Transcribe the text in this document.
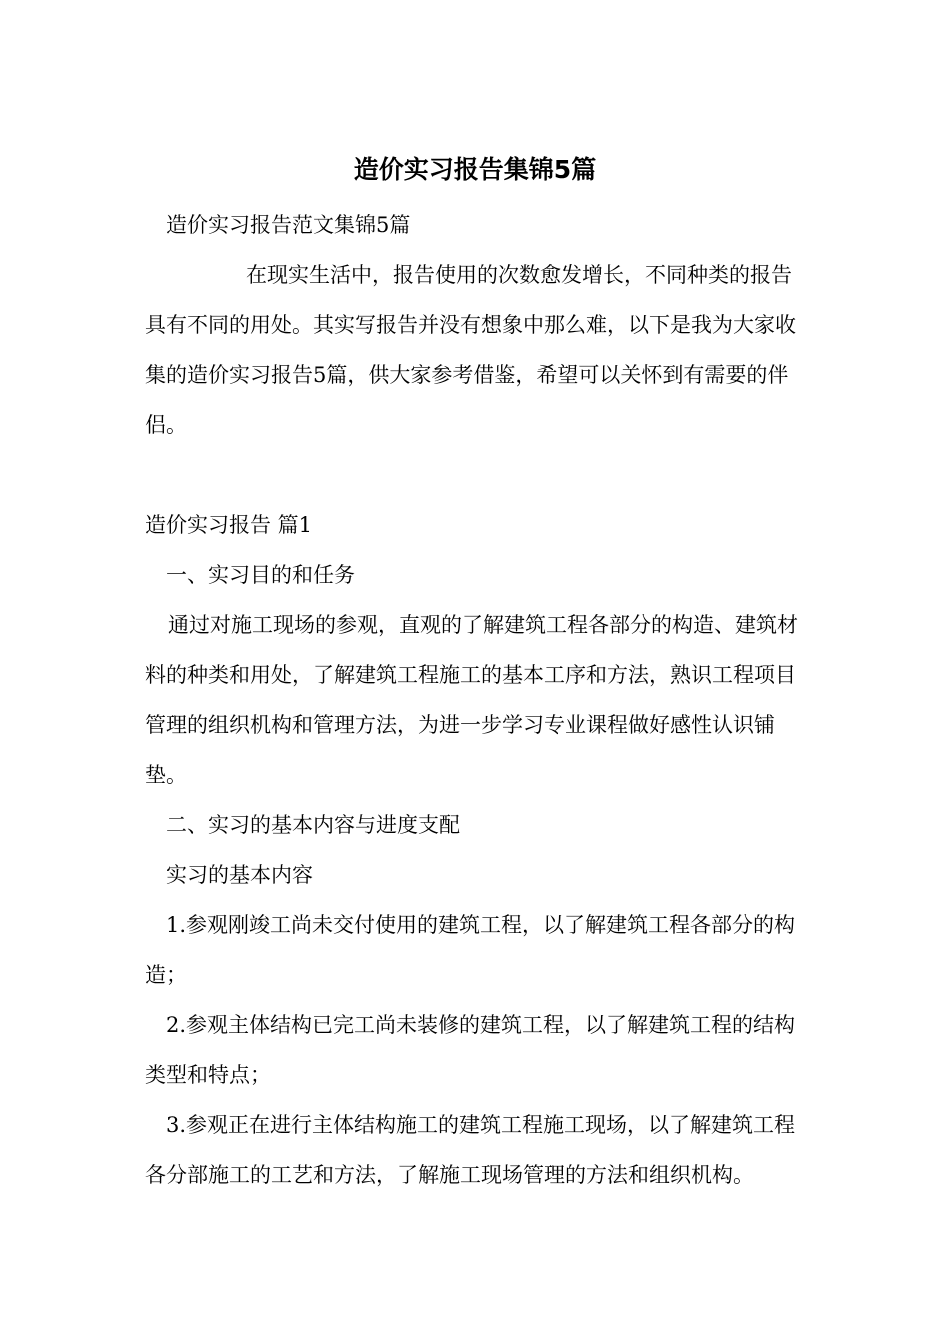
造价实习报告集锦5篇

造价实习报告范文集锦5篇

在现实生活中，报告使用的次数愈发增长，不同种类的报告具有不同的用处。其实写报告并没有想象中那么难，以下是我为大家收集的造价实习报告5篇，供大家参考借鉴，希望可以关怀到有需要的伴侣。

造价实习报告 篇1

一、实习目的和任务

通过对施工现场的参观，直观的了解建筑工程各部分的构造、建筑材料的种类和用处，了解建筑工程施工的基本工序和方法，熟识工程项目管理的组织机构和管理方法，为进一步学习专业课程做好感性认识铺垫。

二、实习的基本内容与进度支配

实习的基本内容

1.参观刚竣工尚未交付使用的建筑工程，以了解建筑工程各部分的构造；

2.参观主体结构已完工尚未装修的建筑工程，以了解建筑工程的结构类型和特点；

3.参观正在进行主体结构施工的建筑工程施工现场，以了解建筑工程各分部施工的工艺和方法，了解施工现场管理的方法和组织机构。
